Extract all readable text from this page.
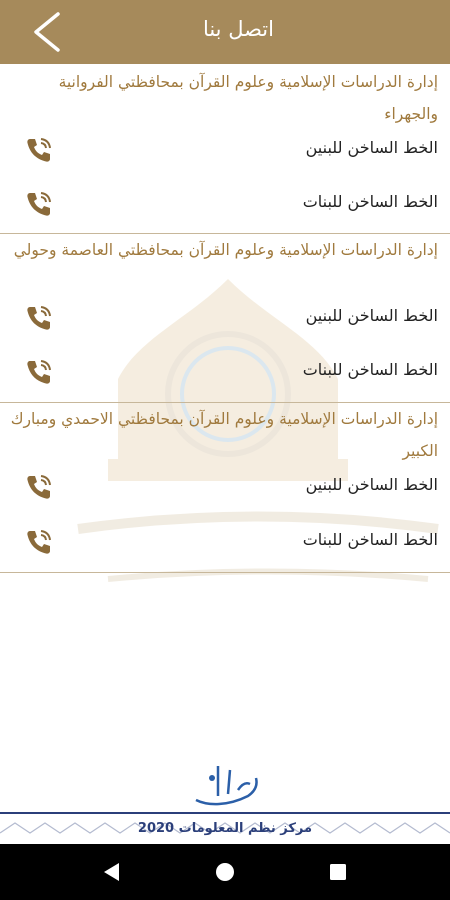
اتصل بنا
إدارة الدراسات الإسلامية وعلوم القرآن بمحافظتي الفروانية والجهراء
الخط الساخن للبنين
الخط الساخن للبنات
إدارة الدراسات الإسلامية وعلوم القرآن بمحافظتي العاصمة وحولي
الخط الساخن للبنين
الخط الساخن للبنات
إدارة الدراسات الإسلامية وعلوم القرآن بمحافظتي الاحمدي ومبارك الكبير
الخط الساخن للبنين
الخط الساخن للبنات
مركز نظم المعلومات 2020
